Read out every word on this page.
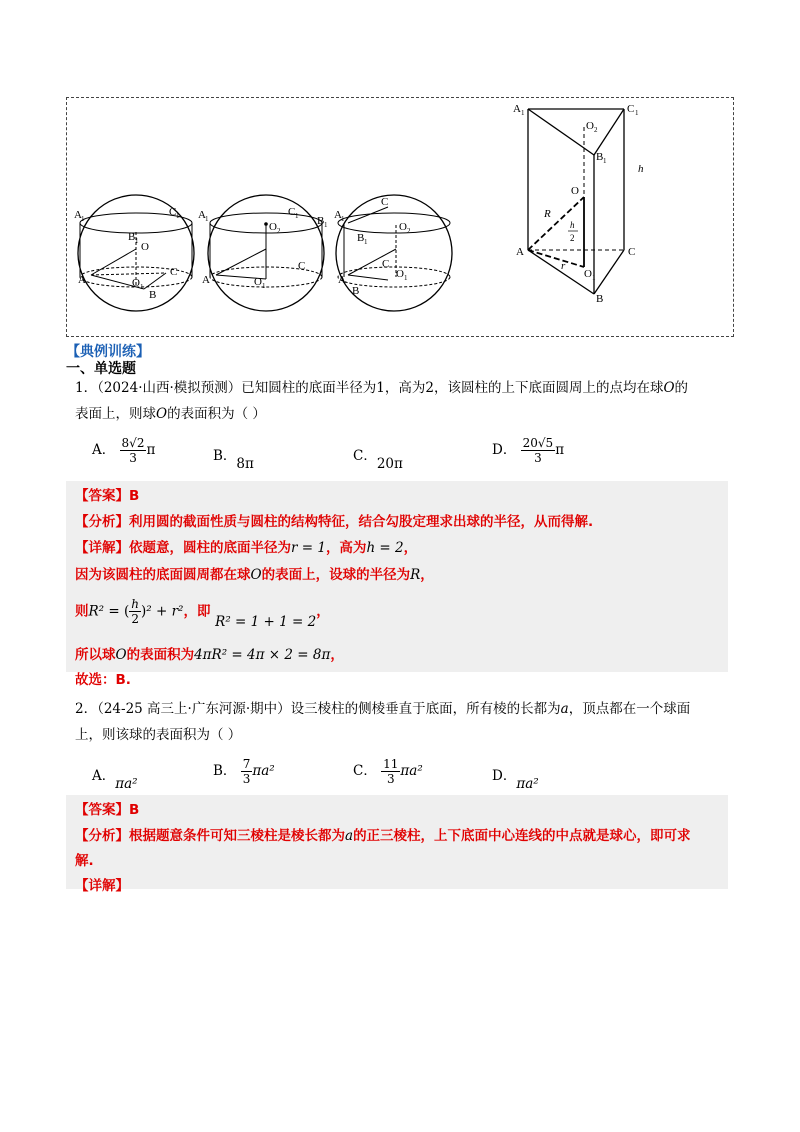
A 1
C 1
B 1 O
O 1
A
C
B
A 1
C 1 B 1
O 2
A
C
O 1
A 1
C
O 2
B 1
A
C
B
O 1
A 1	C 1
O 2
B 1
h
O
R
h
2
A
r
O 1
C
B
【典例训练】
一、单选题
1．（2024·山西·模拟预测）已知圆柱的底面半径为1，高为2，该圆柱的上下底面圆周上的点均在球O的
表面上，则球O的表面积为（ ）
A． $\frac{8√2}{3}$ π	B．8π	C．20π
D． $\frac{20√5}{3}$ π
【答案】B
【分析】利用圆的截面性质与圆柱的结构特征，结合勾股定理求出球的半径，从而得解.
【详解】依题意，圆柱的底面半径为r = 1，高为h = 2，
因为该圆柱的底面圆周都在球O的表面上，设球的半径为R，
则R² = ( $\frac{h}{2} )^2 + r^2$，即 R² = 1 + 1 = 2，
所以球O的表面积为4πR² = 4π × 2 = 8π，
故选：B.
2．（24-25 高三上·广东河源·期中）设三棱柱的侧棱垂直于底面，所有棱的长都为a，顶点都在一个球面
上，则该球的表面积为（ ）
A．πa²
B． $\frac{7}{3} \pi a^2$	C． $\frac{11}{3} \pi a^2$	D．πa²
【答案】B
【分析】根据题意条件可知三棱柱是棱长都为a的正三棱柱，上下底面中心连线的中点就是球心，即可求
解.
【详解】
